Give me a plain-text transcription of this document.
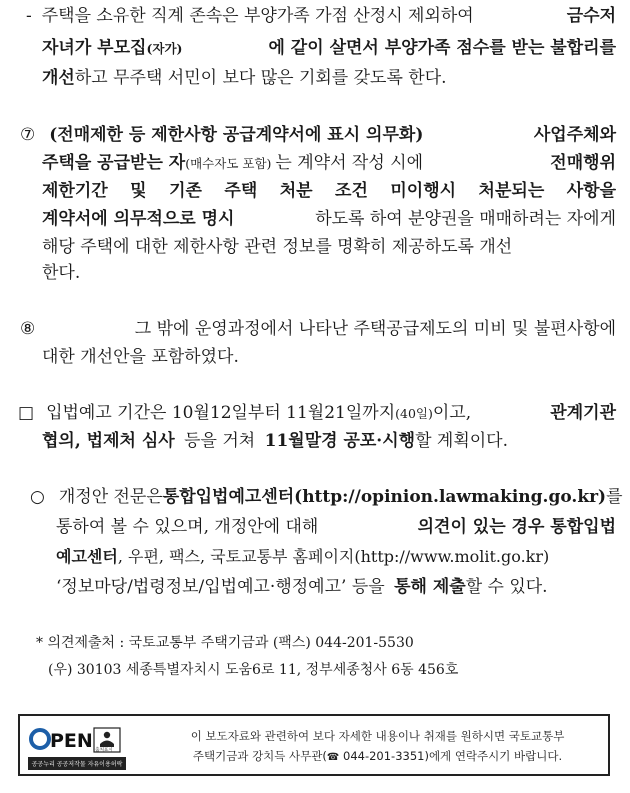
- 주택을 소유한 직계 존속은 부양가족 가점 산정시 제외하여	금수저
자녀가 부모집(자가)	에 같이 살면서 부양가족 점수를 받는 불합리를
개선하고 무주택 서민이 보다 많은 기회를 갖도록 한다.
⑦ (전매제한 등 제한사항 공급계약서에 표시 의무화)	사업주체와
주택을 공급받는 자(매수자도 포함) 는 계약서 작성 시에	전매행위
제한기간 및 기존 주택 처분 조건 미이행시 처분되는 사항을
계약서에 의무적으로 명시	하도록 하여 분양권을 매매하려는 자에게
해당 주택에 대한 제한사항 관련 정보를 명확히 제공하도록 개선
한다.
⑧	그 밖에 운영과정에서 나타난 주택공급제도의 미비 및 불편사항에
대한 개선안을 포함하였다.
□ 입법예고 기간은 10월12일부터 11월21일까지(40일)이고,	관계기관
협의, 법제처 심사 등을 거쳐 11월말경 공포·시행할 계획이다.
○ 개정안 전문은 통합입법예고센터(http://opinion.lawmaking.go.kr)를
통하여 볼 수 있으며, 개정안에 대해	의견이 있는 경우 통합입법
예고센터, 우편, 팩스, 국토교통부 홈페이지(http://www.molit.go.kr)
‘정보마당/법령정보/입법예고·행정예고’ 등을 통해 제출할 수 있다.
* 의견제출처 : 국토교통부 주택기금과 (팩스) 044-201-5530
(우) 30103 세종특별자치시 도움6로 11, 정부세종청사 6동 456호
PEN 출처표시
공공누리 공공저작물 자유이용허락
이 보도자료와 관련하여 보다 자세한 내용이나 취재를 원하시면 국토교통부
주택기금과 강치득 사무관(☎ 044-201-3351)에게 연락주시기 바랍니다.
